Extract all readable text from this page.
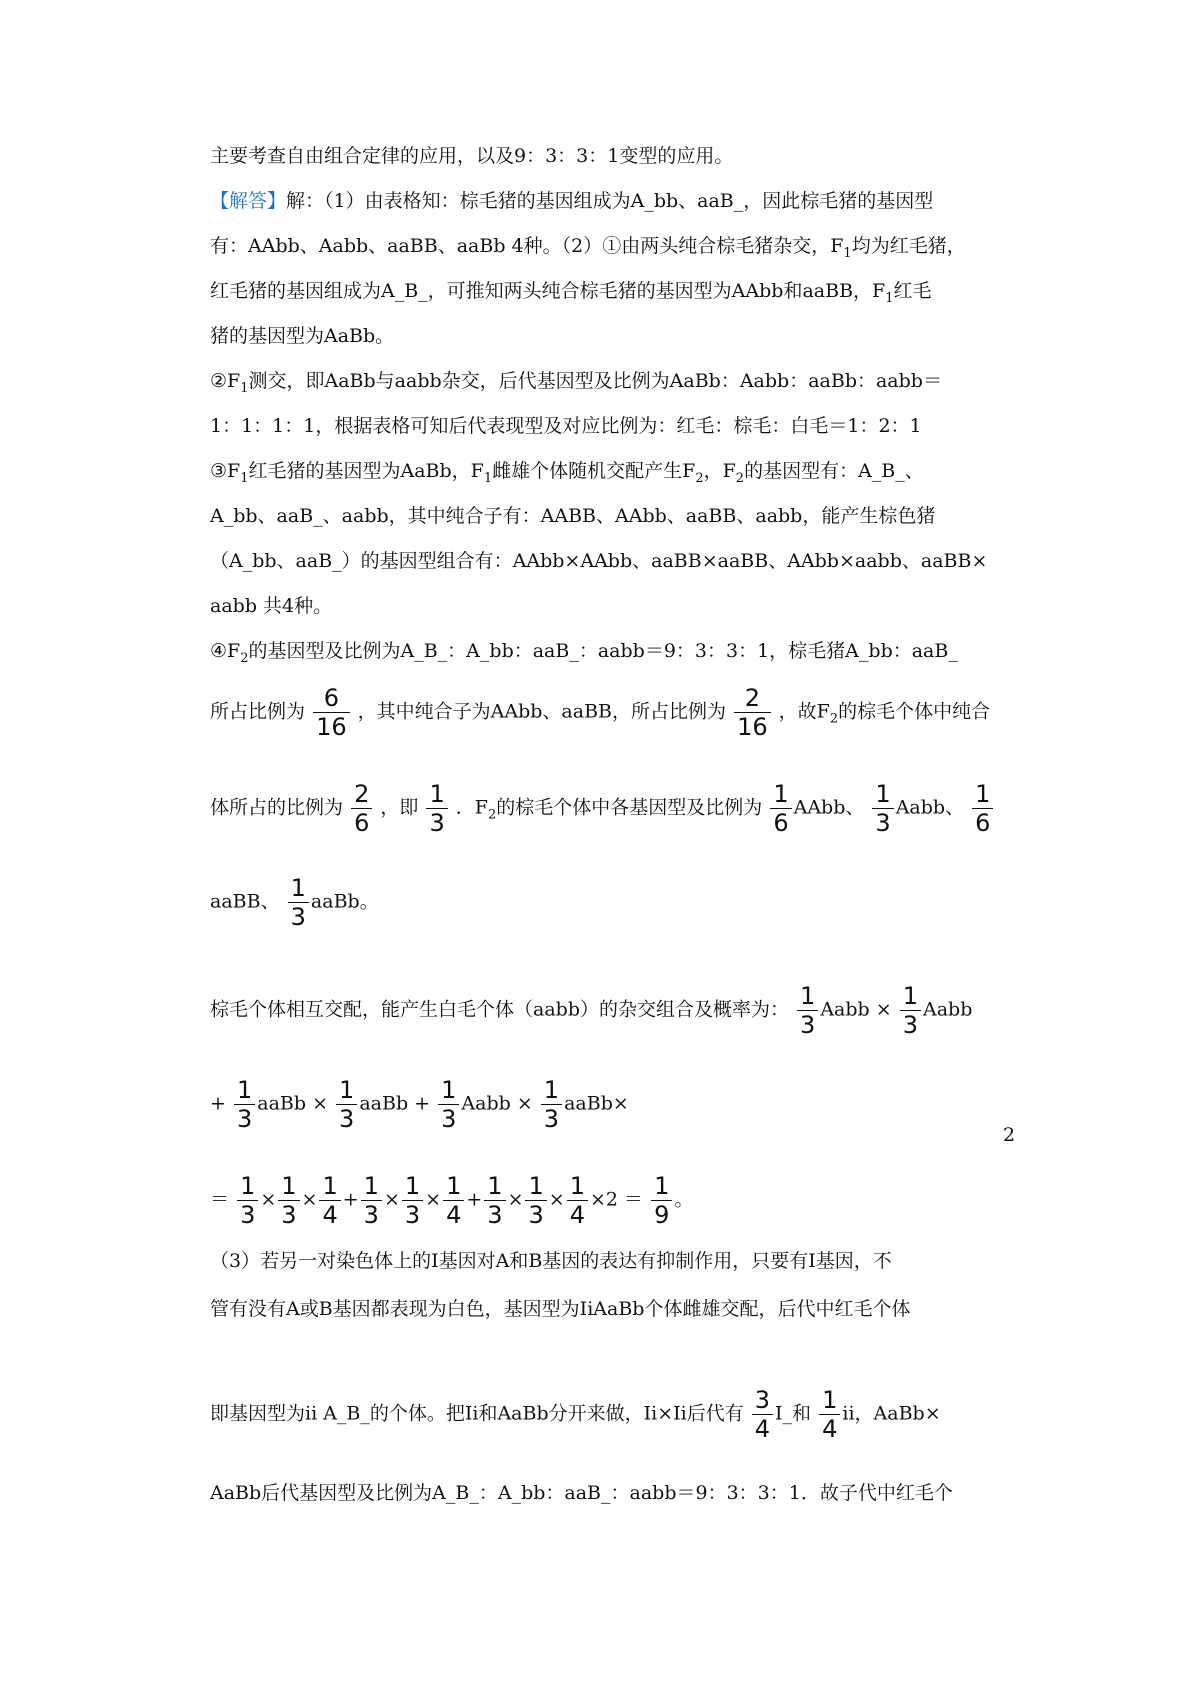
主要考查自由组合定律的应用，以及9：3：3：1变型的应用。
【解答】解：（1）由表格知：棕毛猪的基因组成为A_bb、aaB_，因此棕毛猪的基因型
有：AAbb、Aabb、aaBB、aaBb 4种。（2）①由两头纯合棕毛猪杂交，$F_1$均为红毛猪，
红毛猪的基因组成为A_B_，可推知两头纯合棕毛猪的基因型为AAbb和aaBB，$F_1$红毛
猪的基因型为AaBb。
$②F_1$测交，即AaBb与aabb杂交，后代基因型及比例为AaBb：Aabb：aaBb：aabb＝
1：1：1：1，根据表格可知后代表现型及对应比例为：红毛：棕毛：白毛＝1：2：1
$③F_1$红毛猪的基因型为AaBb，$F_1$雌雄个体随机交配产生$F_2$，$F_2$的基因型有：A_B_、
A_bb、aaB_、aabb，其中纯合子有：AABB、AAbb、aaBB、aabb，能产生棕色猪
（A_bb、aaB_）的基因型组合有：AAbb×AAbb、aaBB×aaBB、AAbb×aabb、aaBB×
aabb 共4种。
$④F_2$的基因型及比例为A_B_：A_bb：aaB_：aabb＝9：3：3：1，棕毛猪A_bb：aaB_
所占比例为 $\frac{6}{16}$ ，其中纯合子为AAbb、aaBB，所占比例为 $\frac{2}{16}$ ，故$F_2$的棕毛个体中纯合
体所占的比例为 $\frac{2}{6}$ ，即 $\frac{1}{3}$ ．$F_2$的棕毛个体中各基因型及比例为 $\frac{1}{6}$ AAbb、 $\frac{1}{3}$ Aabb、 $\frac{1}{6}$
aaBB、 $\frac{1}{3}$ aaBb。
棕毛个体相互交配，能产生白毛个体（aabb）的杂交组合及概率为： $\frac{1}{3}$ Aabb × $\frac{1}{3}$ Aabb
+ $\frac{1}{3}$ aaBb × $\frac{1}{3}$ aaBb + $\frac{1}{3}$ Aabb × $\frac{1}{3}$ aaBb×
2
＝ $\frac{1}{3} \times \frac{1}{3} \times \frac{1}{4} + \frac{1}{3} \times \frac{1}{3} \times \frac{1}{4} + \frac{1}{3} \times \frac{1}{3} \times \frac{1}{4} \times 2 = \frac{1}{9}$ 。
（3）若另一对染色体上的I基因对A和B基因的表达有抑制作用，只要有I基因，不
管有没有A或B基因都表现为白色，基因型为IiAaBb个体雌雄交配，后代中红毛个体
即基因型为ii A_B_的个体。把Ii和AaBb分开来做，Ii×Ii后代有 $\frac{3}{4}$ I_和 $\frac{1}{4}$ ii，AaBb×
AaBb后代基因型及比例为A_B_：A_bb：aaB_：aabb＝9：3：3：1．故子代中红毛个
